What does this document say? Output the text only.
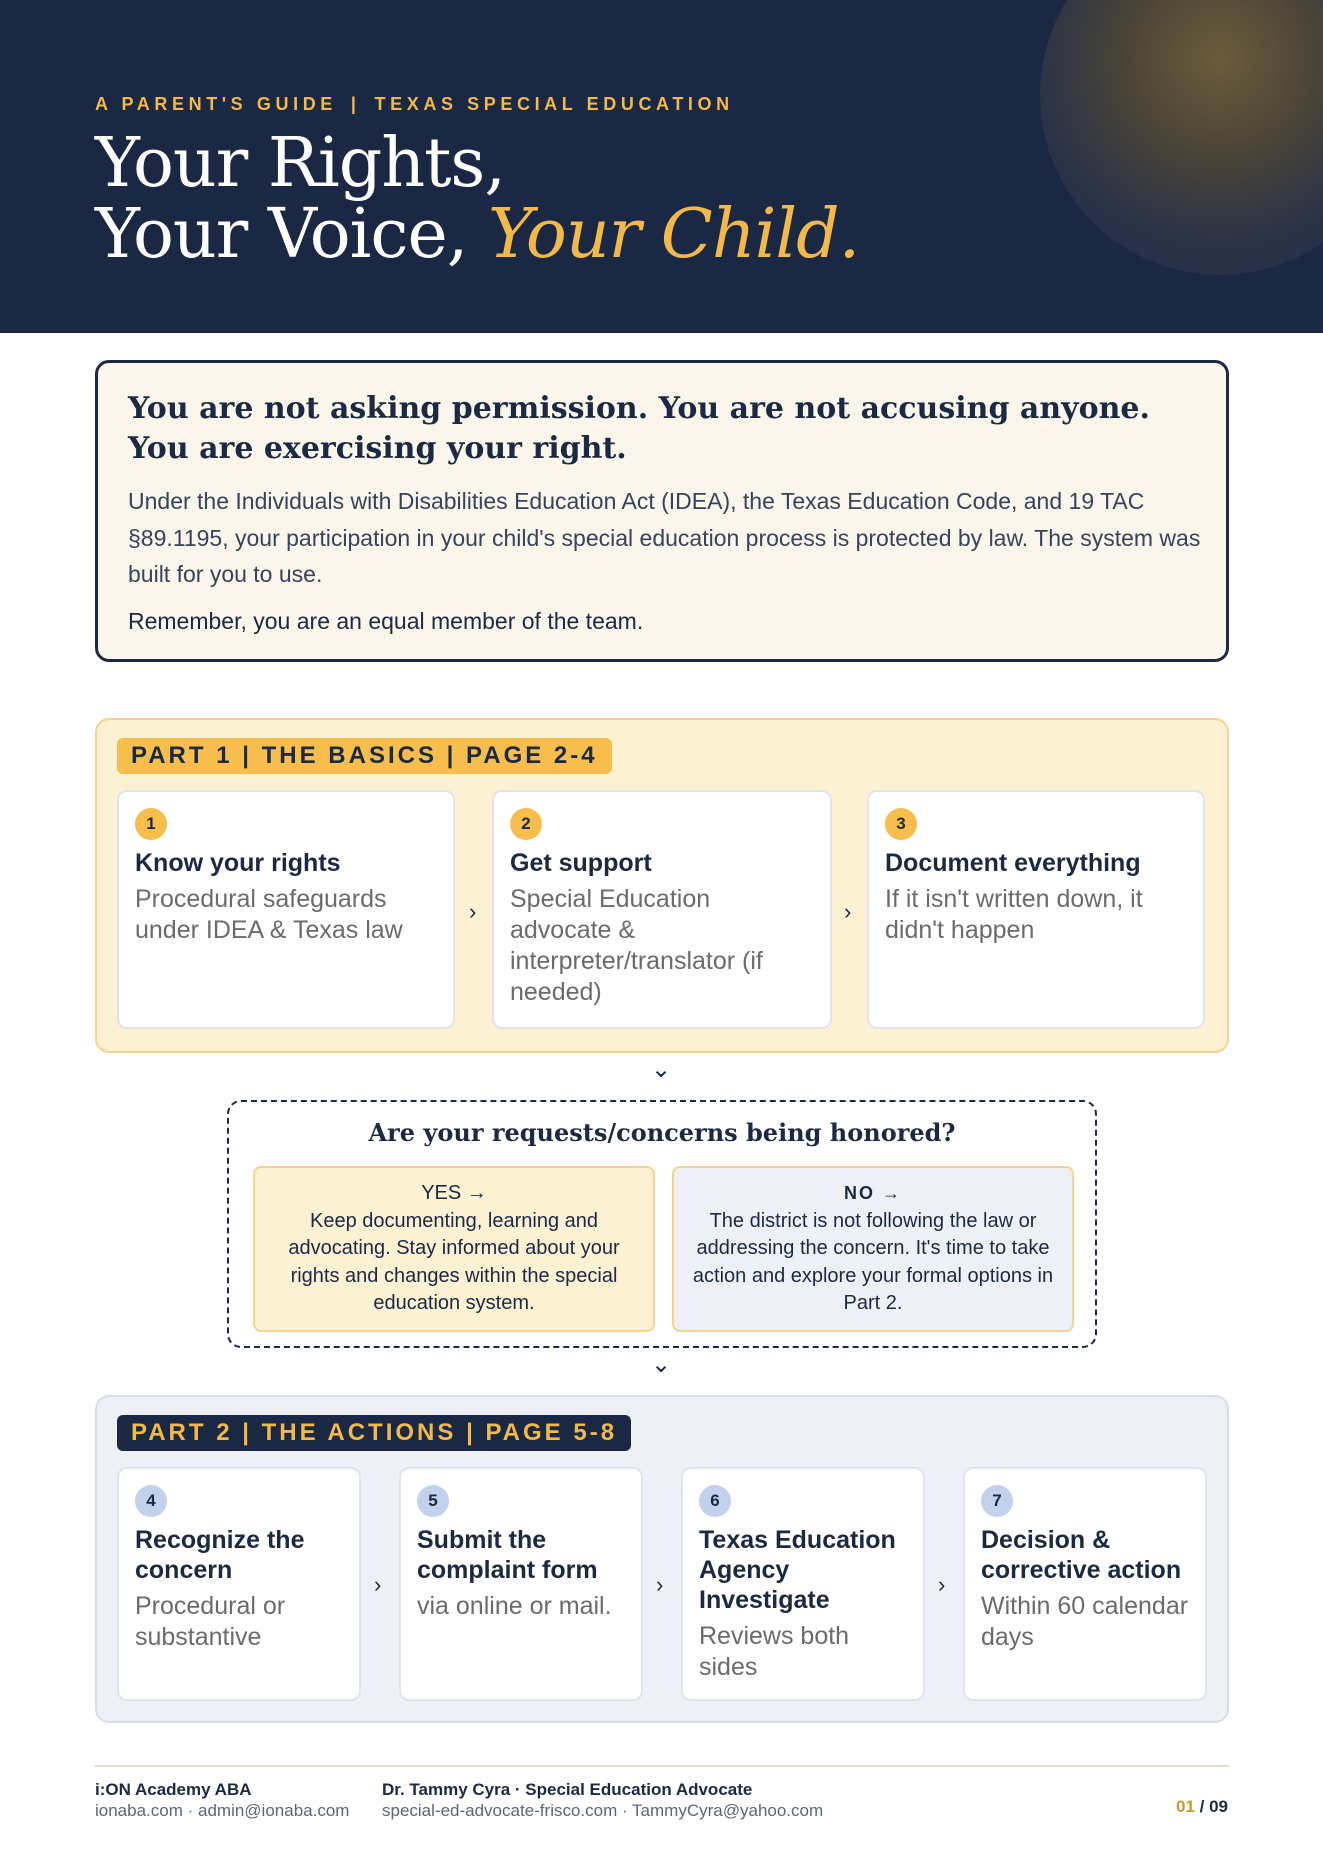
A PARENT'S GUIDE | TEXAS SPECIAL EDUCATION
Your Rights,
Your Voice, Your Child.
You are not asking permission. You are not accusing anyone. You are exercising your right.
Under the Individuals with Disabilities Education Act (IDEA), the Texas Education Code, and 19 TAC §89.1195, your participation in your child's special education process is protected by law. The system was built for you to use.
Remember, you are an equal member of the team.
PART 1 | THE BASICS | PAGE 2-4
1
Know your rights
Procedural safeguards under IDEA & Texas law
›
2
Get support
Special Education advocate & interpreter/translator (if needed)
›
3
Document everything
If it isn't written down, it didn't happen
⌄
Are your requests/concerns being honored?
YES →
Keep documenting, learning and advocating. Stay informed about your rights and changes within the special education system.
NO →
The district is not following the law or addressing the concern. It's time to take action and explore your formal options in Part 2.
⌄
PART 2 | THE ACTIONS | PAGE 5-8
4
Recognize the concern
Procedural or substantive
›
5
Submit the complaint form
via online or mail.
›
6
Texas Education Agency Investigate
Reviews both sides
›
7
Decision & corrective action
Within 60 calendar days
i:ON Academy ABA
ionaba.com · admin@ionaba.com
Dr. Tammy Cyra · Special Education Advocate
special-ed-advocate-frisco.com · TammyCyra@yahoo.com	01 / 09
